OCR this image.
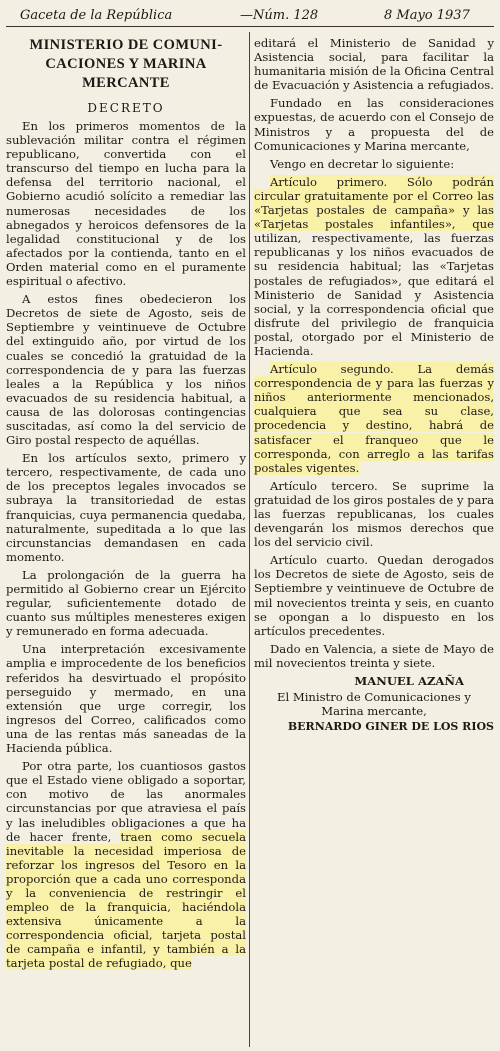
Gaceta de la República	—Núm. 128	8 Mayo 1937
MINISTERIO DE COMUNI-
CACIONES Y MARINA
MERCANTE
DECRETO

En los primeros momentos de la sublevación militar contra el régimen republicano, convertida con el transcurso del tiempo en lucha para la defensa del territorio nacional, el Gobierno acudió solícito a remediar las numerosas necesidades de los abnegados y heroicos defensores de la legalidad constitucional y de los afectados por la contienda, tanto en el Orden material como en el puramente espiritual o afectivo.

A estos fines obedecieron los Decretos de siete de Agosto, seis de Septiembre y veintinueve de Octubre del extinguido año, por virtud de los cuales se concedió la gratuidad de la correspondencia de y para las fuerzas leales a la República y los niños evacuados de su residencia habitual, a causa de las dolorosas contingencias suscitadas, así como la del servicio de Giro postal respecto de aquéllas.

En los artículos sexto, primero y tercero, respectivamente, de cada uno de los preceptos legales invocados se subraya la transitoriedad de estas franquicias, cuya permanencia quedaba, naturalmente, supeditada a lo que las circunstancias demandasen en cada momento.

La prolongación de la guerra ha permitido al Gobierno crear un Ejército regular, suficientemente dotado de cuanto sus múltiples menesteres exigen y remunerado en forma adecuada.

Una interpretación excesivamente amplia e improcedente de los beneficios referidos ha desvirtuado el propósito perseguido y mermado, en una extensión que urge corregir, los ingresos del Correo, calificados como una de las rentas más saneadas de la Hacienda pública.

Por otra parte, los cuantiosos gastos que el Estado viene obligado a soportar, con motivo de las anormales circunstancias por que atraviesa el país y las ineludibles obligaciones a que ha de hacer frente, traen como secuela inevitable la necesidad imperiosa de reforzar los ingresos del Tesoro en la proporción que a cada uno corresponda y la conveniencia de restringir el empleo de la franquicia, haciéndola extensiva únicamente a la correspondencia oficial, tarjeta postal de campaña e infantil, y también a la tarjeta postal de refugiado, que

editará el Ministerio de Sanidad y Asistencia social, para facilitar la humanitaria misión de la Oficina Central de Evacuación y Asistencia a refugiados.

Fundado en las consideraciones expuestas, de acuerdo con el Consejo de Ministros y a propuesta del de Comunicaciones y Marina mercante,

Vengo en decretar lo siguiente:

Artículo primero. Sólo podrán circular gratuitamente por el Correo las «Tarjetas postales de campaña» y las «Tarjetas postales infantiles», que utilizan, respectivamente, las fuerzas republicanas y los niños evacuados de su residencia habitual; las «Tarjetas postales de refugiados», que editará el Ministerio de Sanidad y Asistencia social, y la correspondencia oficial que disfrute del privilegio de franquicia postal, otorgado por el Ministerio de Hacienda.

Artículo segundo. La demás correspondencia de y para las fuerzas y niños anteriormente mencionados, cualquiera que sea su clase, procedencia y destino, habrá de satisfacer el franqueo que le corresponda, con arreglo a las tarifas postales vigentes.

Artículo tercero. Se suprime la gratuidad de los giros postales de y para las fuerzas republicanas, los cuales devengarán los mismos derechos que los del servicio civil.

Artículo cuarto. Quedan derogados los Decretos de siete de Agosto, seis de Septiembre y veintinueve de Octubre de mil novecientos treinta y seis, en cuanto se opongan a lo dispuesto en los artículos precedentes.

Dado en Valencia, a siete de Mayo de mil novecientos treinta y siete.

MANUEL AZAÑA
El Ministro de Comunicaciones y Marina mercante,
BERNARDO GINER DE LOS RIOS
